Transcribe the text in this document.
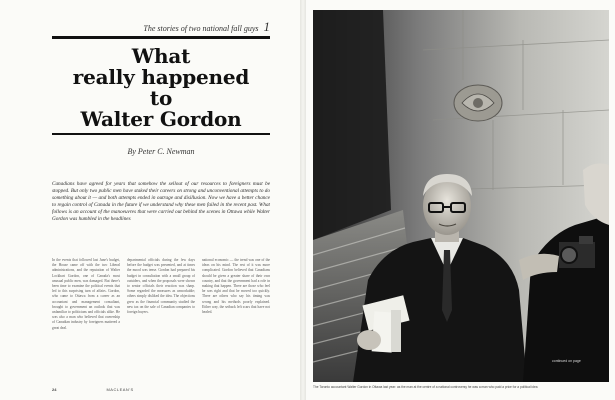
The stories of two national fall guys 1
What
really happened
to
Walter Gordon
By Peter C. Newman
Canadians have agreed for years that somehow the sellout of our resources to foreigners must be stopped. But only two public men have staked their careers on strong and unconventional attempts to do something about it — and both attempts ended in outrage and disillusion. Now we have a better chance to regain control of Canada in the future if we understand why these men failed in the recent past. What follows is an account of the manoeuvres that were carried out behind the scenes in Ottawa while Walter Gordon was humbled in the headlines
In the events that followed last June's budget, the House came off with the two Liberal administrations, and the reputation of Walter Lockhart Gordon, one of Canada's most unusual public men, was damaged. But there's been time to examine the political events that led to this surprising turn of affairs. Gordon, who came to Ottawa from a career as an accountant and management consultant, brought to government an outlook that was unfamiliar to politicians and officials alike. He was also a man who believed that ownership of Canadian industry by foreigners mattered a great deal.
departmental officials during the few days before the budget was presented, and at times the mood was tense. Gordon had prepared his budget in consultation with a small group of outsiders, and when the proposals were shown to senior officials their reaction was sharp. Some regarded the measures as unworkable; others simply disliked the idea. The objections grew as the financial community studied the new tax on the sale of Canadian companies to foreign buyers.
national economic — the trend was one of the ideas on his mind. The rest of it was more complicated. Gordon believed that Canadians should be given a greater share of their own country, and that the government had a role in making that happen. There are those who feel he was right and that he moved too quickly. There are others who say his timing was wrong and his methods poorly explained. Either way, the setback left scars that have not healed.
24	MACLEAN'S
continued on page
The Toronto accountant Walter Gordon in Ottawa last year: as the man at the centre of a national controversy he was a man who paid a price for a political idea
